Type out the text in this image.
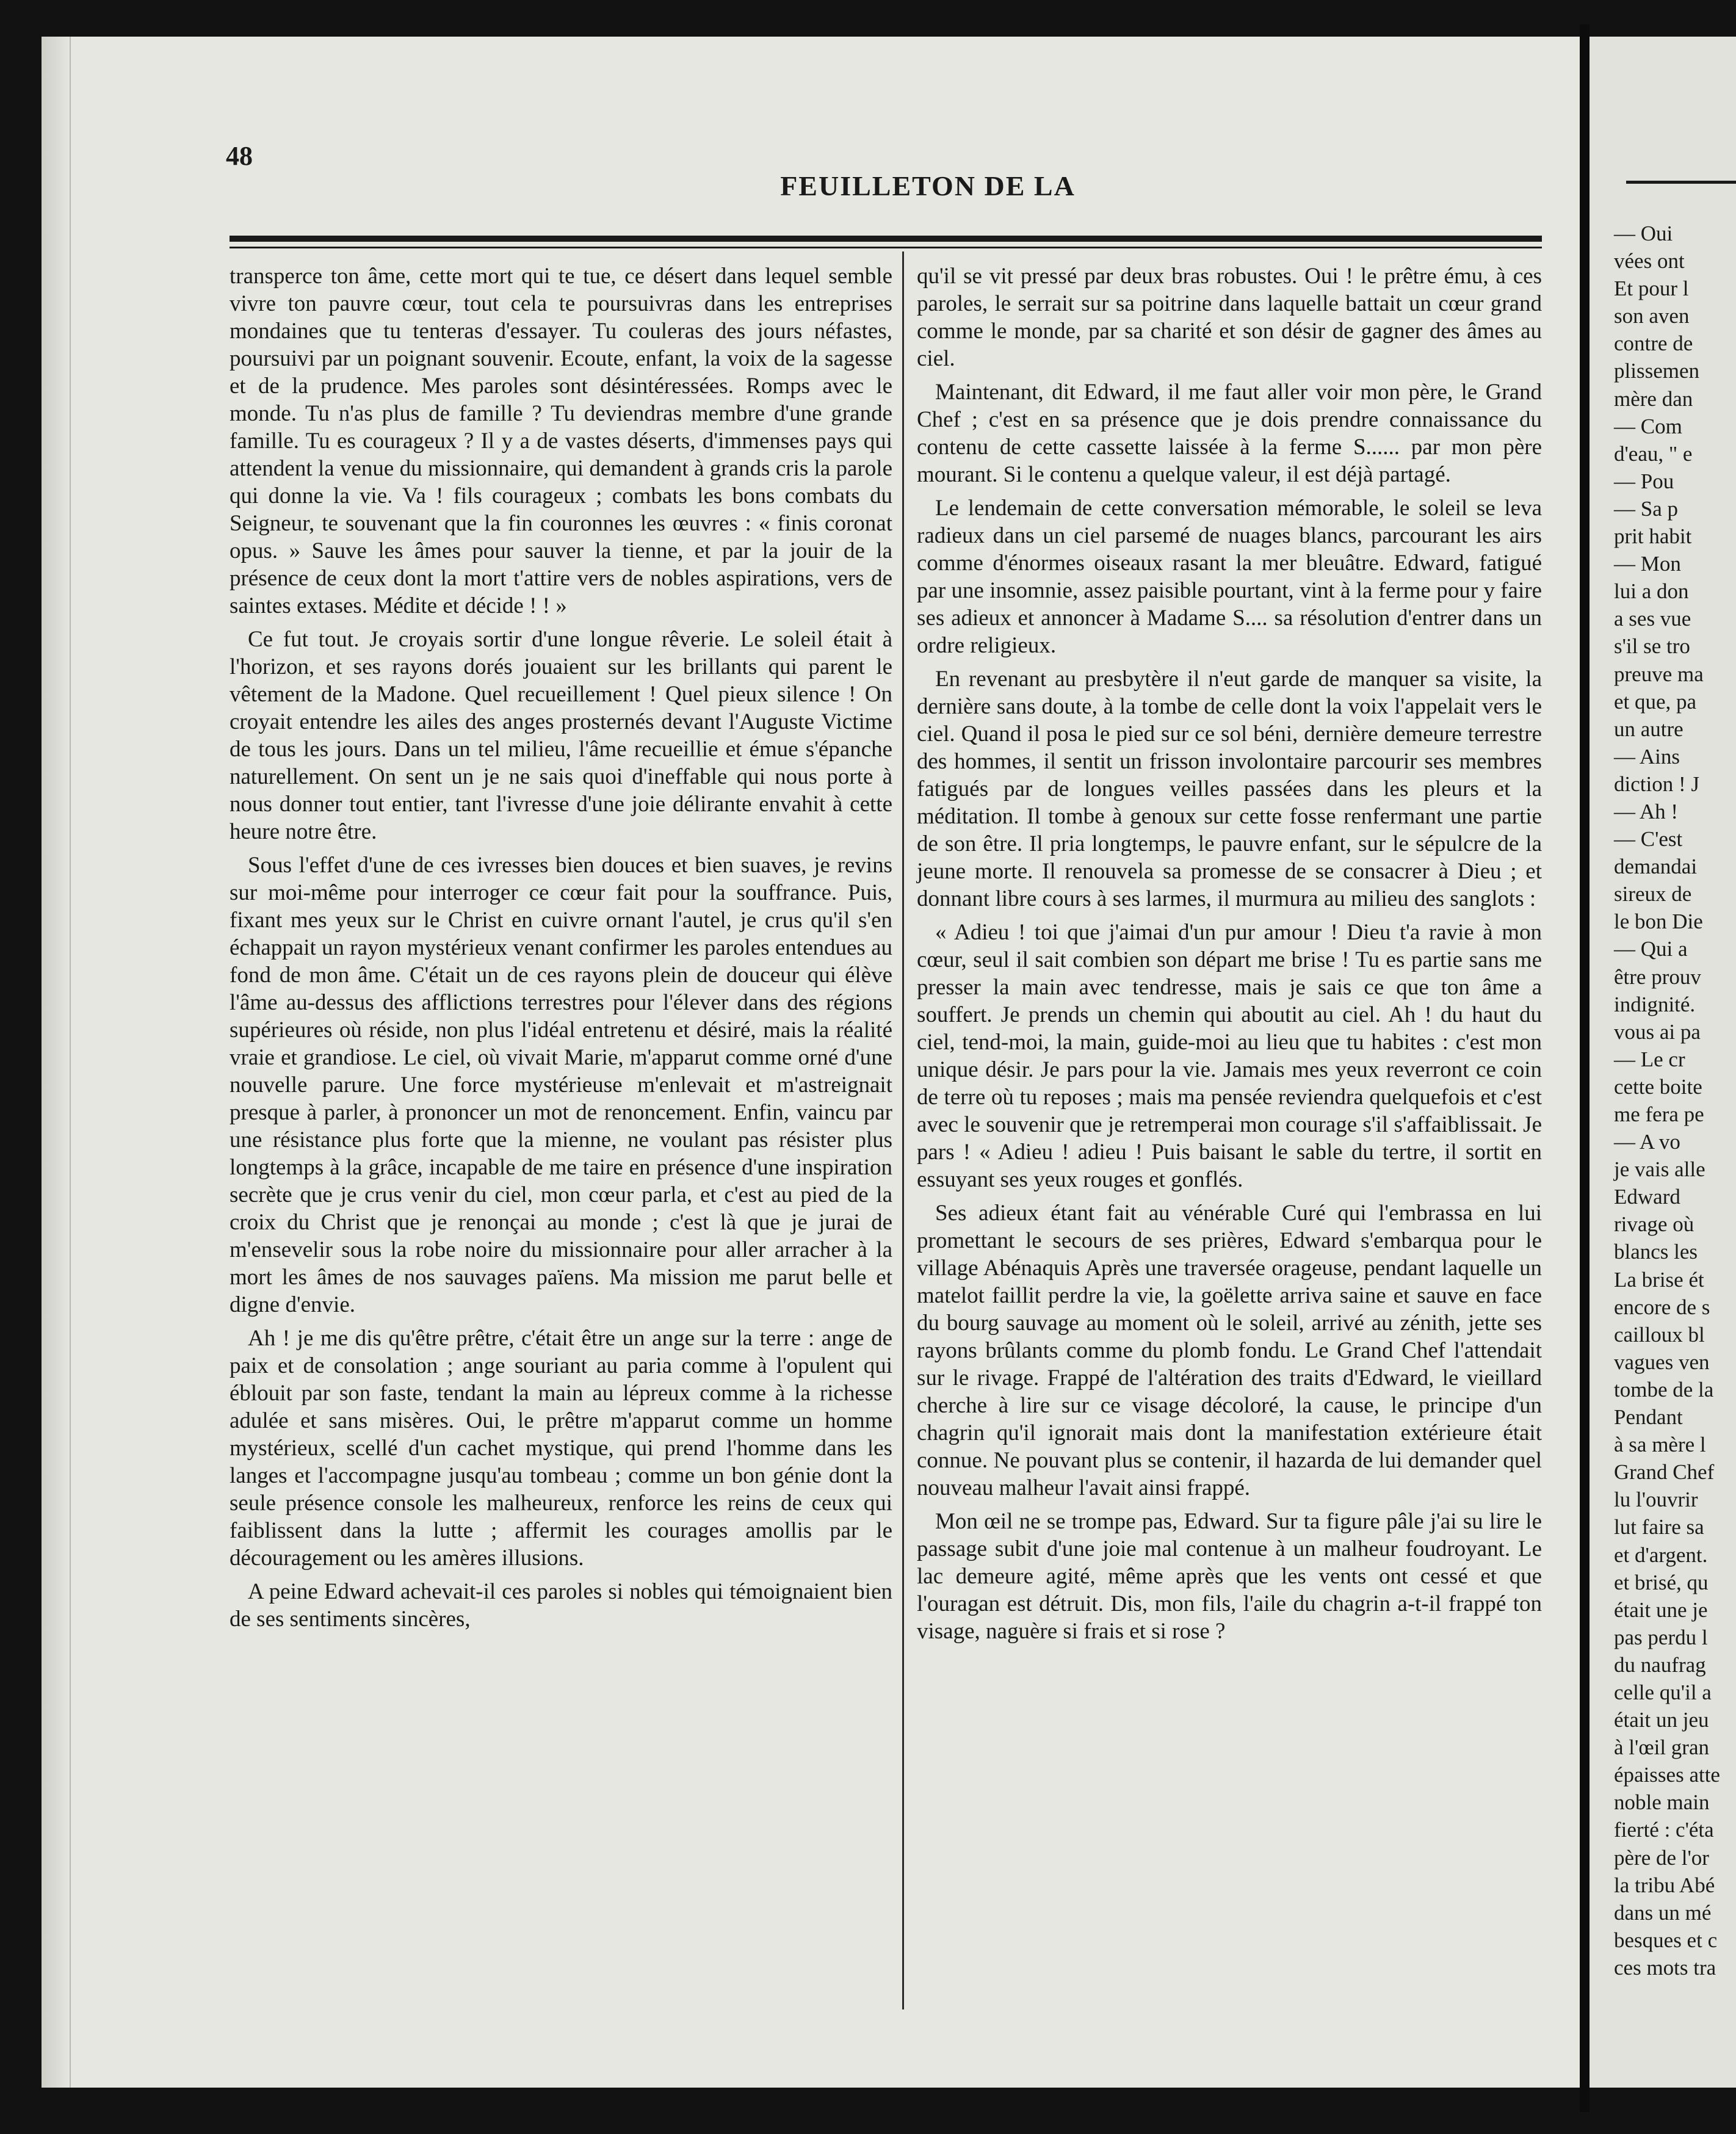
48
FEUILLETON DE LA

transperce ton âme, cette mort qui te tue, ce désert dans lequel semble vivre ton pauvre cœur, tout cela te poursuivras dans les entreprises mondaines que tu tenteras d'essayer. Tu couleras des jours néfastes, poursuivi par un poignant souvenir. Ecoute, enfant, la voix de la sagesse et de la prudence. Mes paroles sont désintéressées. Romps avec le monde. Tu n'as plus de famille ? Tu deviendras membre d'une grande famille. Tu es courageux ? Il y a de vastes déserts, d'immenses pays qui attendent la venue du missionnaire, qui demandent à grands cris la parole qui donne la vie. Va ! fils courageux ; combats les bons combats du Seigneur, te souvenant que la fin couronnes les œuvres : « finis coronat opus. » Sauve les âmes pour sauver la tienne, et par la jouir de la présence de ceux dont la mort t'attire vers de nobles aspirations, vers de saintes extases. Médite et décide ! ! »

Ce fut tout. Je croyais sortir d'une longue rêverie. Le soleil était à l'horizon, et ses rayons dorés jouaient sur les brillants qui parent le vêtement de la Madone. Quel recueillement ! Quel pieux silence ! On croyait entendre les ailes des anges prosternés devant l'Auguste Victime de tous les jours. Dans un tel milieu, l'âme recueillie et émue s'épanche naturellement. On sent un je ne sais quoi d'ineffable qui nous porte à nous donner tout entier, tant l'ivresse d'une joie délirante envahit à cette heure notre être.

Sous l'effet d'une de ces ivresses bien douces et bien suaves, je revins sur moi-même pour interroger ce cœur fait pour la souffrance. Puis, fixant mes yeux sur le Christ en cuivre ornant l'autel, je crus qu'il s'en échappait un rayon mystérieux venant confirmer les paroles entendues au fond de mon âme. C'était un de ces rayons plein de douceur qui élève l'âme au-dessus des afflictions terrestres pour l'élever dans des régions supérieures où réside, non plus l'idéal entretenu et désiré, mais la réalité vraie et grandiose. Le ciel, où vivait Marie, m'apparut comme orné d'une nouvelle parure. Une force mystérieuse m'enlevait et m'astreignait presque à parler, à prononcer un mot de renoncement. Enfin, vaincu par une résistance plus forte que la mienne, ne voulant pas résister plus longtemps à la grâce, incapable de me taire en présence d'une inspiration secrète que je crus venir du ciel, mon cœur parla, et c'est au pied de la croix du Christ que je renonçai au monde ; c'est là que je jurai de m'ensevelir sous la robe noire du missionnaire pour aller arracher à la mort les âmes de nos sauvages païens. Ma mission me parut belle et digne d'envie.

Ah ! je me dis qu'être prêtre, c'était être un ange sur la terre : ange de paix et de consolation ; ange souriant au paria comme à l'opulent qui éblouit par son faste, tendant la main au lépreux comme à la richesse adulée et sans misères. Oui, le prêtre m'apparut comme un homme mystérieux, scellé d'un cachet mystique, qui prend l'homme dans les langes et l'accompagne jusqu'au tombeau ; comme un bon génie dont la seule présence console les malheureux, renforce les reins de ceux qui faiblissent dans la lutte ; affermit les courages amollis par le découragement ou les amères illusions.

A peine Edward achevait-il ces paroles si nobles qui témoignaient bien de ses sentiments sincères,

qu'il se vit pressé par deux bras robustes. Oui ! le prêtre ému, à ces paroles, le serrait sur sa poitrine dans laquelle battait un cœur grand comme le monde, par sa charité et son désir de gagner des âmes au ciel.

Maintenant, dit Edward, il me faut aller voir mon père, le Grand Chef ; c'est en sa présence que je dois prendre connaissance du contenu de cette cassette laissée à la ferme S...... par mon père mourant. Si le contenu a quelque valeur, il est déjà partagé.

Le lendemain de cette conversation mémorable, le soleil se leva radieux dans un ciel parsemé de nuages blancs, parcourant les airs comme d'énormes oiseaux rasant la mer bleuâtre. Edward, fatigué par une insomnie, assez paisible pourtant, vint à la ferme pour y faire ses adieux et annoncer à Madame S.... sa résolution d'entrer dans un ordre religieux.

En revenant au presbytère il n'eut garde de manquer sa visite, la dernière sans doute, à la tombe de celle dont la voix l'appelait vers le ciel. Quand il posa le pied sur ce sol béni, dernière demeure terrestre des hommes, il sentit un frisson involontaire parcourir ses membres fatigués par de longues veilles passées dans les pleurs et la méditation. Il tombe à genoux sur cette fosse renfermant une partie de son être. Il pria longtemps, le pauvre enfant, sur le sépulcre de la jeune morte. Il renouvela sa promesse de se consacrer à Dieu ; et donnant libre cours à ses larmes, il murmura au milieu des sanglots :

« Adieu ! toi que j'aimai d'un pur amour ! Dieu t'a ravie à mon cœur, seul il sait combien son départ me brise ! Tu es partie sans me presser la main avec tendresse, mais je sais ce que ton âme a souffert. Je prends un chemin qui aboutit au ciel. Ah ! du haut du ciel, tend-moi, la main, guide-moi au lieu que tu habites : c'est mon unique désir. Je pars pour la vie. Jamais mes yeux reverront ce coin de terre où tu reposes ; mais ma pensée reviendra quelquefois et c'est avec le souvenir que je retremperai mon courage s'il s'affaiblissait. Je pars ! « Adieu ! adieu ! Puis baisant le sable du tertre, il sortit en essuyant ses yeux rouges et gonflés.

Ses adieux étant fait au vénérable Curé qui l'embrassa en lui promettant le secours de ses prières, Edward s'embarqua pour le village Abénaquis Après une traversée orageuse, pendant laquelle un matelot faillit perdre la vie, la goëlette arriva saine et sauve en face du bourg sauvage au moment où le soleil, arrivé au zénith, jette ses rayons brûlants comme du plomb fondu. Le Grand Chef l'attendait sur le rivage. Frappé de l'altération des traits d'Edward, le vieillard cherche à lire sur ce visage décoloré, la cause, le principe d'un chagrin qu'il ignorait mais dont la manifestation extérieure était connue. Ne pouvant plus se contenir, il hazarda de lui demander quel nouveau malheur l'avait ainsi frappé.

Mon œil ne se trompe pas, Edward. Sur ta figure pâle j'ai su lire le passage subit d'une joie mal contenue à un malheur foudroyant. Le lac demeure agité, même après que les vents ont cessé et que l'ouragan est détruit. Dis, mon fils, l'aile du chagrin a-t-il frappé ton visage, naguère si frais et si rose ?

— Oui
vées ont
Et pour l
son aven
contre de
plissemen
mère dan
— Com
d'eau, " e
— Pou
— Sa p
prit habit
— Mon
lui a don
a ses vue
s'il se tro
preuve ma
et que, pa
un autre
— Ains
diction ! J
— Ah !
— C'est
demandai
sireux de
le bon Die
— Qui a
être prouv
indignité.
vous ai pa
— Le cr
cette boite
me fera pe
— A vo
je vais alle
Edward
rivage où
blancs les
La brise ét
encore de s
cailloux bl
vagues ven
tombe de la
Pendant
à sa mère l
Grand Chef
lu l'ouvrir
lut faire sa
et d'argent.
et brisé, qu
était une je
pas perdu l
du naufrag
celle qu'il a
était un jeu
à l'œil gran
épaisses atte
noble main
fierté : c'éta
père de l'or
la tribu Abé
dans un mé
besques et c
ces mots tra
